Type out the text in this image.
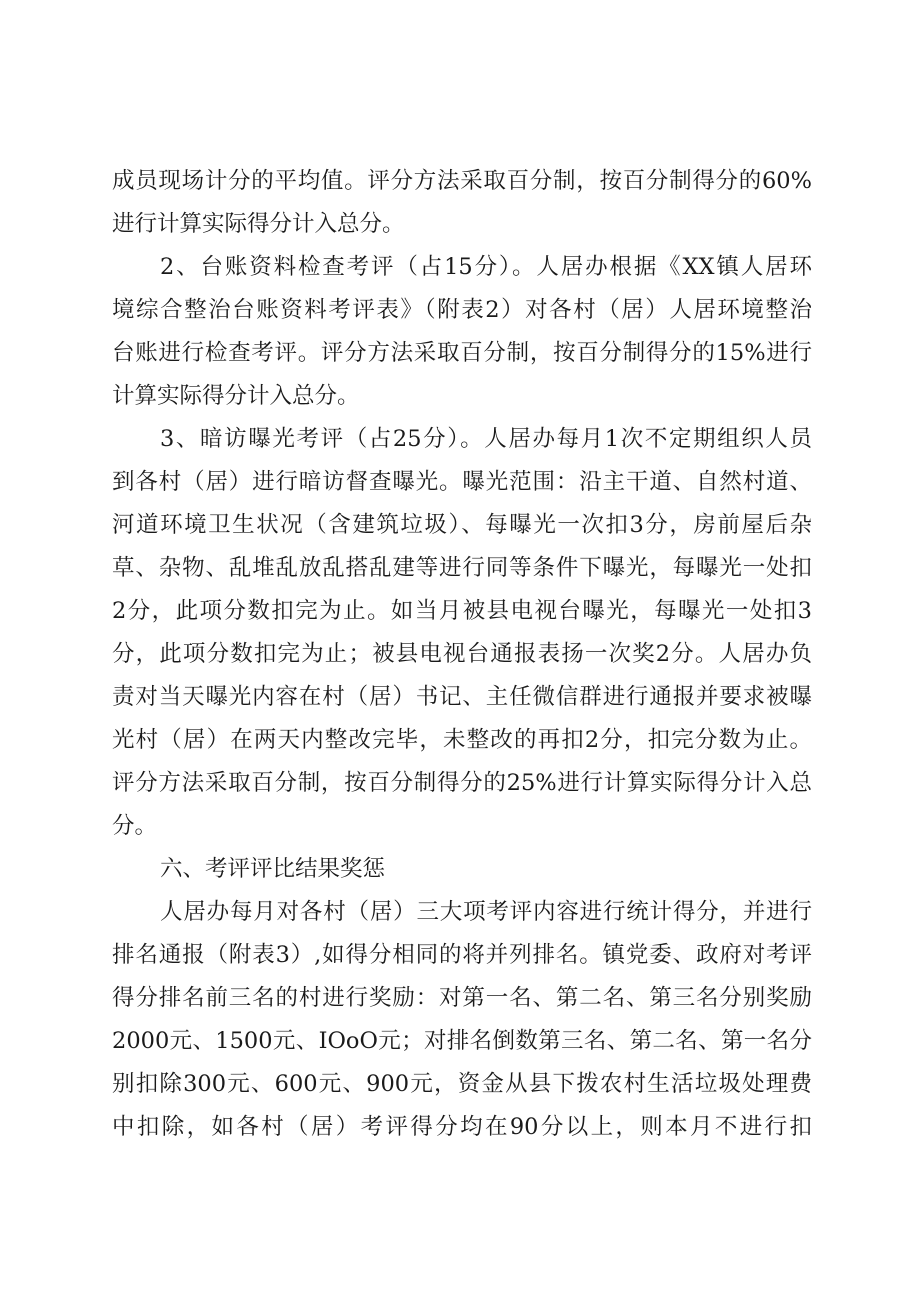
成员现场计分的平均值。评分方法采取百分制，按百分制得分的60%
进行计算实际得分计入总分。
2、台账资料检查考评（占15分）。人居办根据《XX镇人居环
境综合整治台账资料考评表》（附表2）对各村（居）人居环境整治
台账进行检查考评。评分方法采取百分制，按百分制得分的15%进行
计算实际得分计入总分。
3、暗访曝光考评（占25分）。人居办每月1次不定期组织人员
到各村（居）进行暗访督查曝光。曝光范围：沿主干道、自然村道、
河道环境卫生状况（含建筑垃圾）、每曝光一次扣3分，房前屋后杂
草、杂物、乱堆乱放乱搭乱建等进行同等条件下曝光，每曝光一处扣
2分，此项分数扣完为止。如当月被县电视台曝光，每曝光一处扣3
分，此项分数扣完为止；被县电视台通报表扬一次奖2分。人居办负
责对当天曝光内容在村（居）书记、主任微信群进行通报并要求被曝
光村（居）在两天内整改完毕，未整改的再扣2分，扣完分数为止。
评分方法采取百分制，按百分制得分的25%进行计算实际得分计入总
分。
六、考评评比结果奖惩
人居办每月对各村（居）三大项考评内容进行统计得分，并进行
排名通报（附表3）,如得分相同的将并列排名。镇党委、政府对考评
得分排名前三名的村进行奖励：对第一名、第二名、第三名分别奖励
2000元、1500元、IOoO元；对排名倒数第三名、第二名、第一名分
别扣除300元、600元、900元，资金从县下拨农村生活垃圾处理费
中扣除，如各村（居）考评得分均在90分以上，则本月不进行扣
